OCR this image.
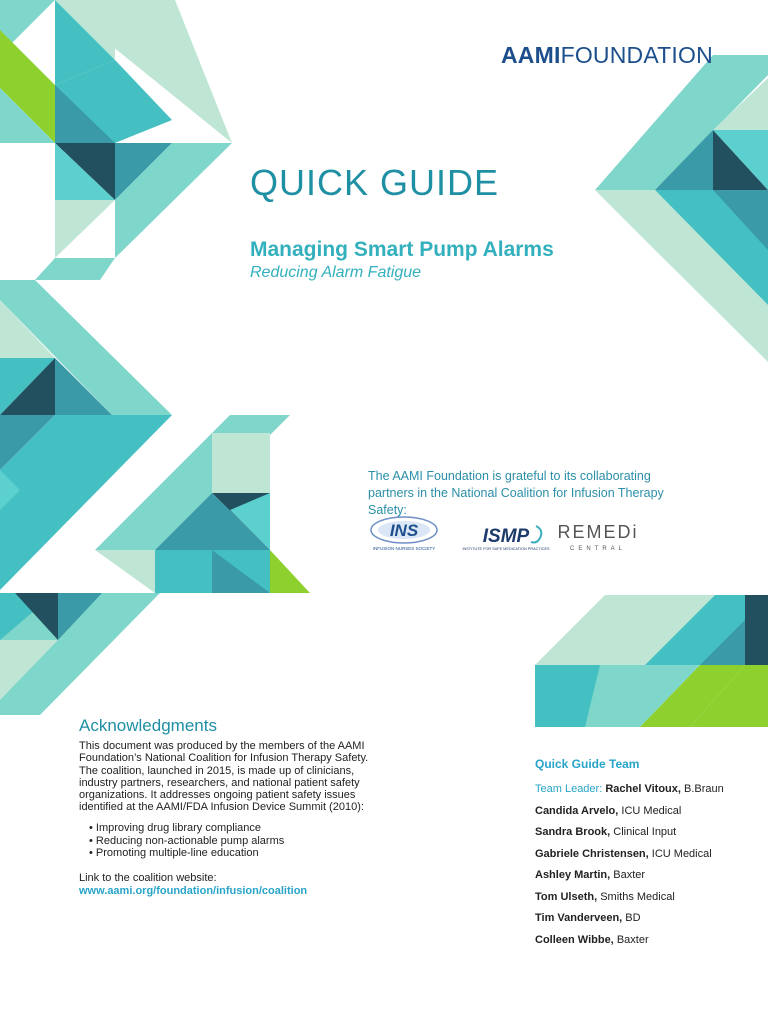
AAMIFOUNDATION
QUICK GUIDE
Managing Smart Pump Alarms
Reducing Alarm Fatigue
The AAMI Foundation is grateful to its collaborating partners in the National Coalition for Infusion Therapy Safety:
INS
INFUSION NURSES SOCIETY
ISMP
INSTITUTE FOR SAFE MEDICATION PRACTICES
REMEDi
CENTRAL
Acknowledgments
This document was produced by the members of the AAMI Foundation’s National Coalition for Infusion Therapy Safety. The coalition, launched in 2015, is made up of clinicians, industry partners, researchers, and national patient safety organizations. It addresses ongoing patient safety issues identified at the AAMI/FDA Infusion Device Summit (2010):
• Improving drug library compliance
• Reducing non-actionable pump alarms
• Promoting multiple-line education
Link to the coalition website:
www.aami.org/foundation/infusion/coalition
Quick Guide Team
Team Leader: Rachel Vitoux, B.Braun
Candida Arvelo, ICU Medical
Sandra Brook, Clinical Input
Gabriele Christensen, ICU Medical
Ashley Martin, Baxter
Tom Ulseth, Smiths Medical
Tim Vanderveen, BD
Colleen Wibbe, Baxter
